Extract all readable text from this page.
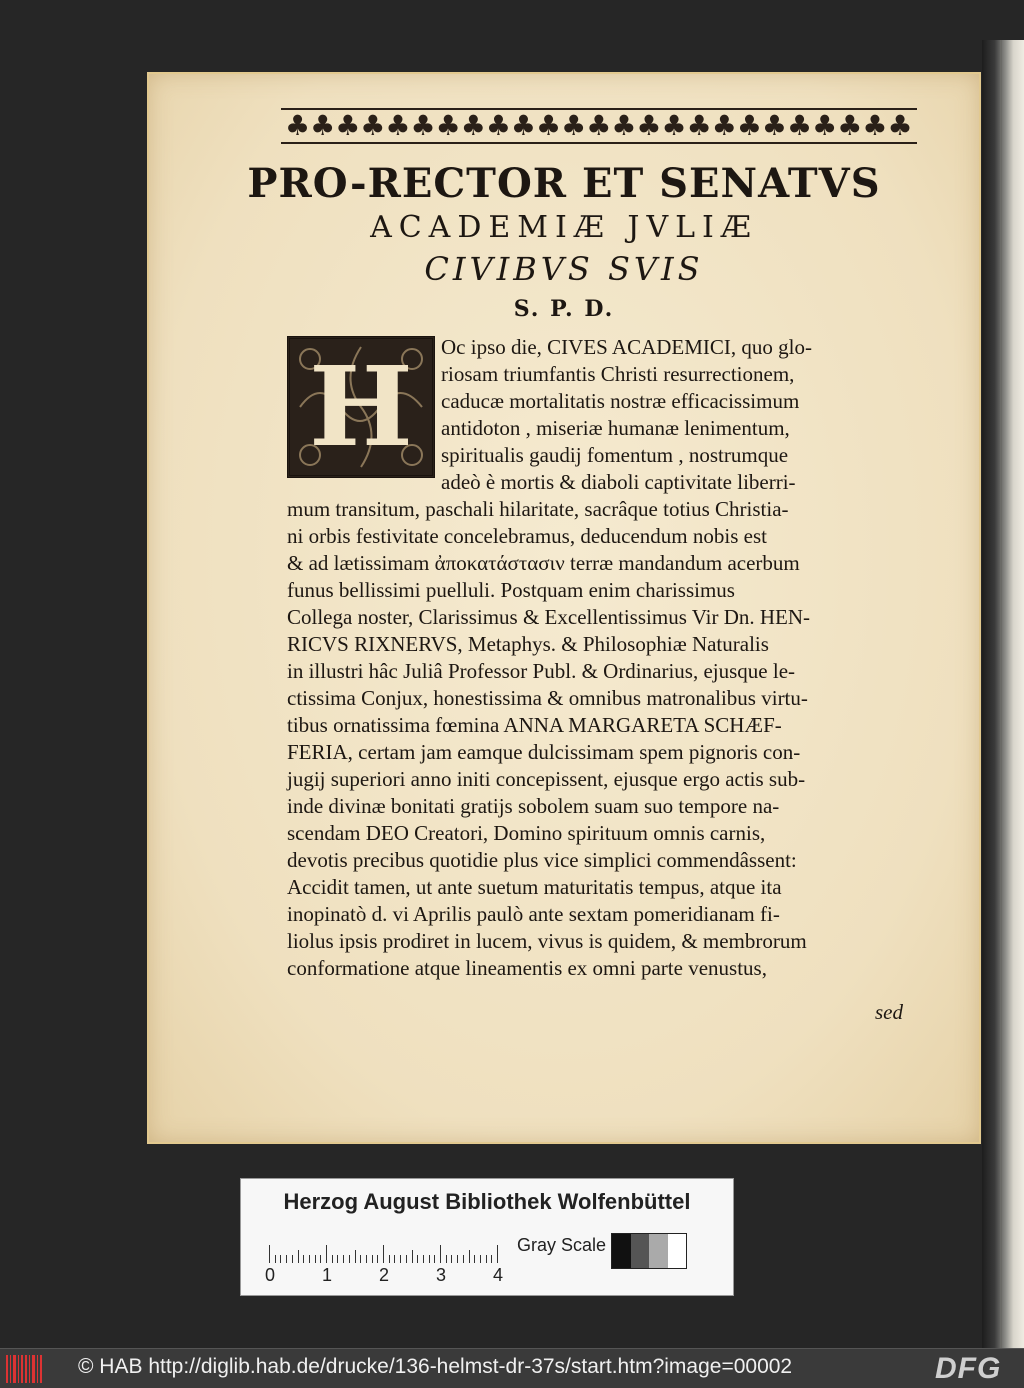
♣♣♣♣♣♣♣♣♣♣♣♣♣♣♣♣♣♣♣♣♣♣♣♣♣
PRO-RECTOR ET SENATVS
ACADEMIÆ JVLIÆ
CIVIBVS SVIS
S. P. D.
H Oc ipso die, CIVES ACADEMICI, quo glo-
riosam triumfantis Christi resurrectionem,
caducæ mortalitatis nostræ efficacissimum
antidoton , miseriæ humanæ lenimentum,
spiritualis gaudij fomentum , nostrumque
adeò è mortis & diaboli captivitate liberri-
mum transitum, paschali hilaritate, sacrâque totius Christia-
ni orbis festivitate concelebramus, deducendum nobis est
& ad lætissimam ἀποκατάστασιν terræ mandandum acerbum
funus bellissimi puelluli. Postquam enim charissimus
Collega noster, Clarissimus & Excellentissimus Vir Dn. HEN-
RICVS RIXNERVS, Metaphys. & Philosophiæ Naturalis
in illustri hâc Juliâ Professor Publ. & Ordinarius, ejusque le-
ctissima Conjux, honestissima & omnibus matronalibus virtu-
tibus ornatissima fœmina ANNA MARGARETA SCHÆF-
FERIA, certam jam eamque dulcissimam spem pignoris con-
jugij superiori anno initi concepissent, ejusque ergo actis sub-
inde divinæ bonitati gratijs sobolem suam suo tempore na-
scendam DEO Creatori, Domino spirituum omnis carnis,
devotis precibus quotidie plus vice simplici commendâssent:
Accidit tamen, ut ante suetum maturitatis tempus, atque ita
inopinatò d. vi Aprilis paulò ante sextam pomeridianam fi-
liolus ipsis prodiret in lucem, vivus is quidem, & membrorum
conformatione atque lineamentis ex omni parte venustus,
sed
Herzog August Bibliothek Wolfenbüttel
0	1	2	3	4
Gray Scale
© HAB http://diglib.hab.de/drucke/136-helmst-dr-37s/start.htm?image=00002	DFG
